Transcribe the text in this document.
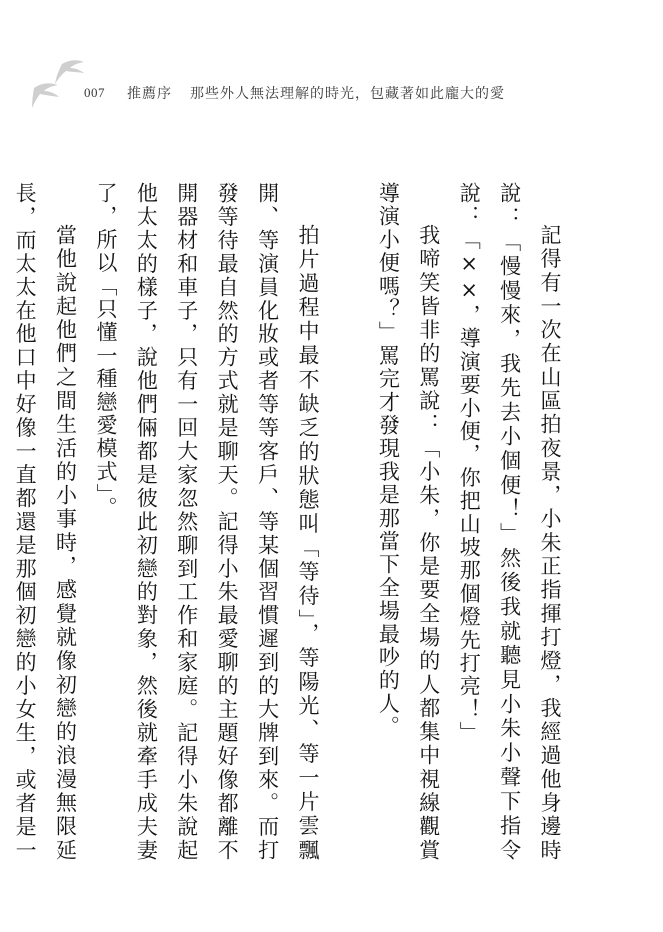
007 推薦序 那些外人無法理解的時光，包藏著如此龐大的愛

記得有一次在山區拍夜景，小朱正指揮打燈，我經過他身邊時說：「慢慢來，我先去小個便！」然後我就聽見小朱小聲下指令說：「××，導演要小便，你把山坡那個燈先打亮！」

我啼笑皆非的罵說：「小朱，你是要全場的人都集中視線觀賞導演小便嗎？」罵完才發現我是那當下全場最吵的人。

拍片過程中最不缺乏的狀態叫「等待」，等陽光、等一片雲飄開、等演員化妝或者等等客戶、等某個習慣遲到的大牌到來。而打發等待最自然的方式就是聊天。記得小朱最愛聊的主題好像都離不開器材和車子，只有一回大家忽然聊到工作和家庭。記得小朱說起他太太的樣子，說他們倆都是彼此初戀的對象，然後就牽手成夫妻了，所以「只懂一種戀愛模式」。

當他說起他們之間生活的小事時，感覺就像初戀的浪漫無限延長，而太太在他口中好像一直都還是那個初戀的小女生，或者是一
